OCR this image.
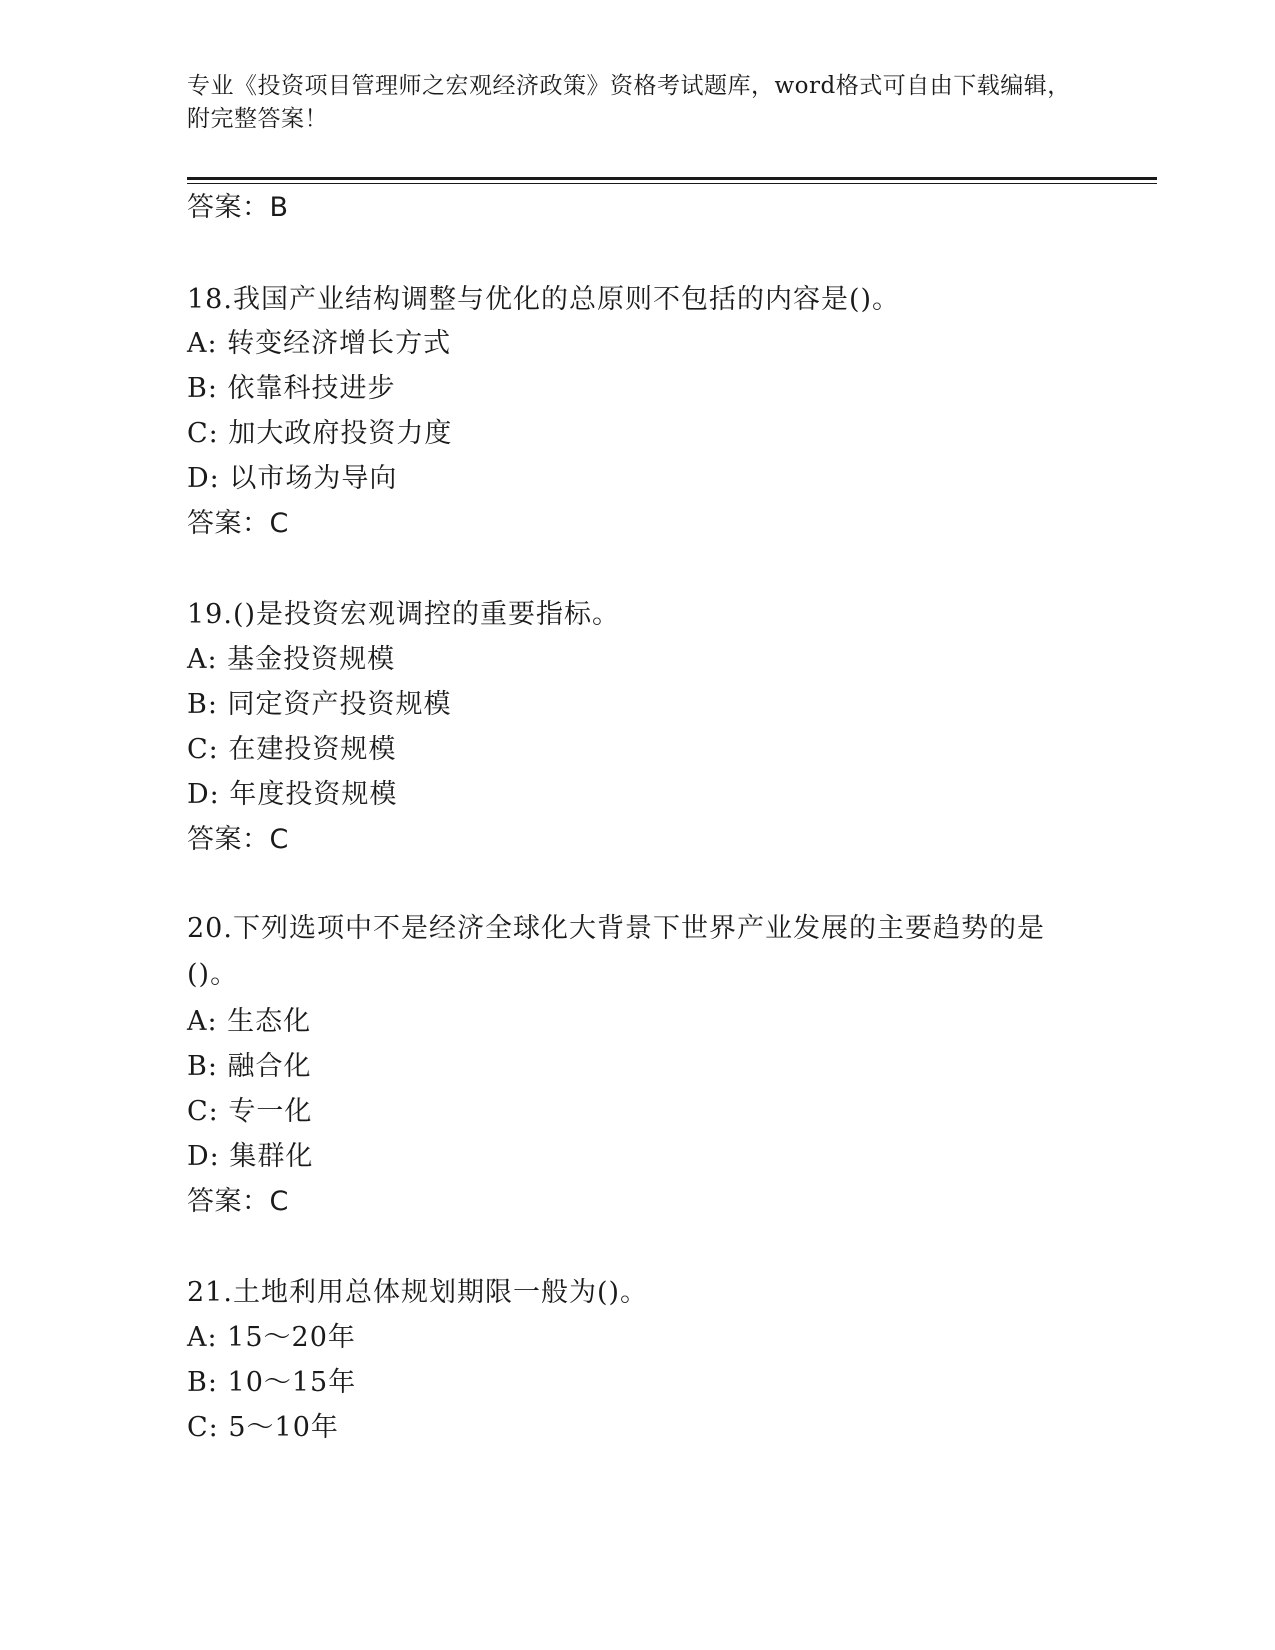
专业《投资项目管理师之宏观经济政策》资格考试题库，word格式可自由下载编辑，附完整答案！
答案：B
18.我国产业结构调整与优化的总原则不包括的内容是()。
A: 转变经济增长方式
B: 依靠科技进步
C: 加大政府投资力度
D: 以市场为导向
答案：C
19.()是投资宏观调控的重要指标。
A: 基金投资规模
B: 同定资产投资规模
C: 在建投资规模
D: 年度投资规模
答案：C
20.下列选项中不是经济全球化大背景下世界产业发展的主要趋势的是()。
A: 生态化
B: 融合化
C: 专一化
D: 集群化
答案：C
21.土地利用总体规划期限一般为()。
A: 15～20年
B: 10～15年
C: 5～10年
